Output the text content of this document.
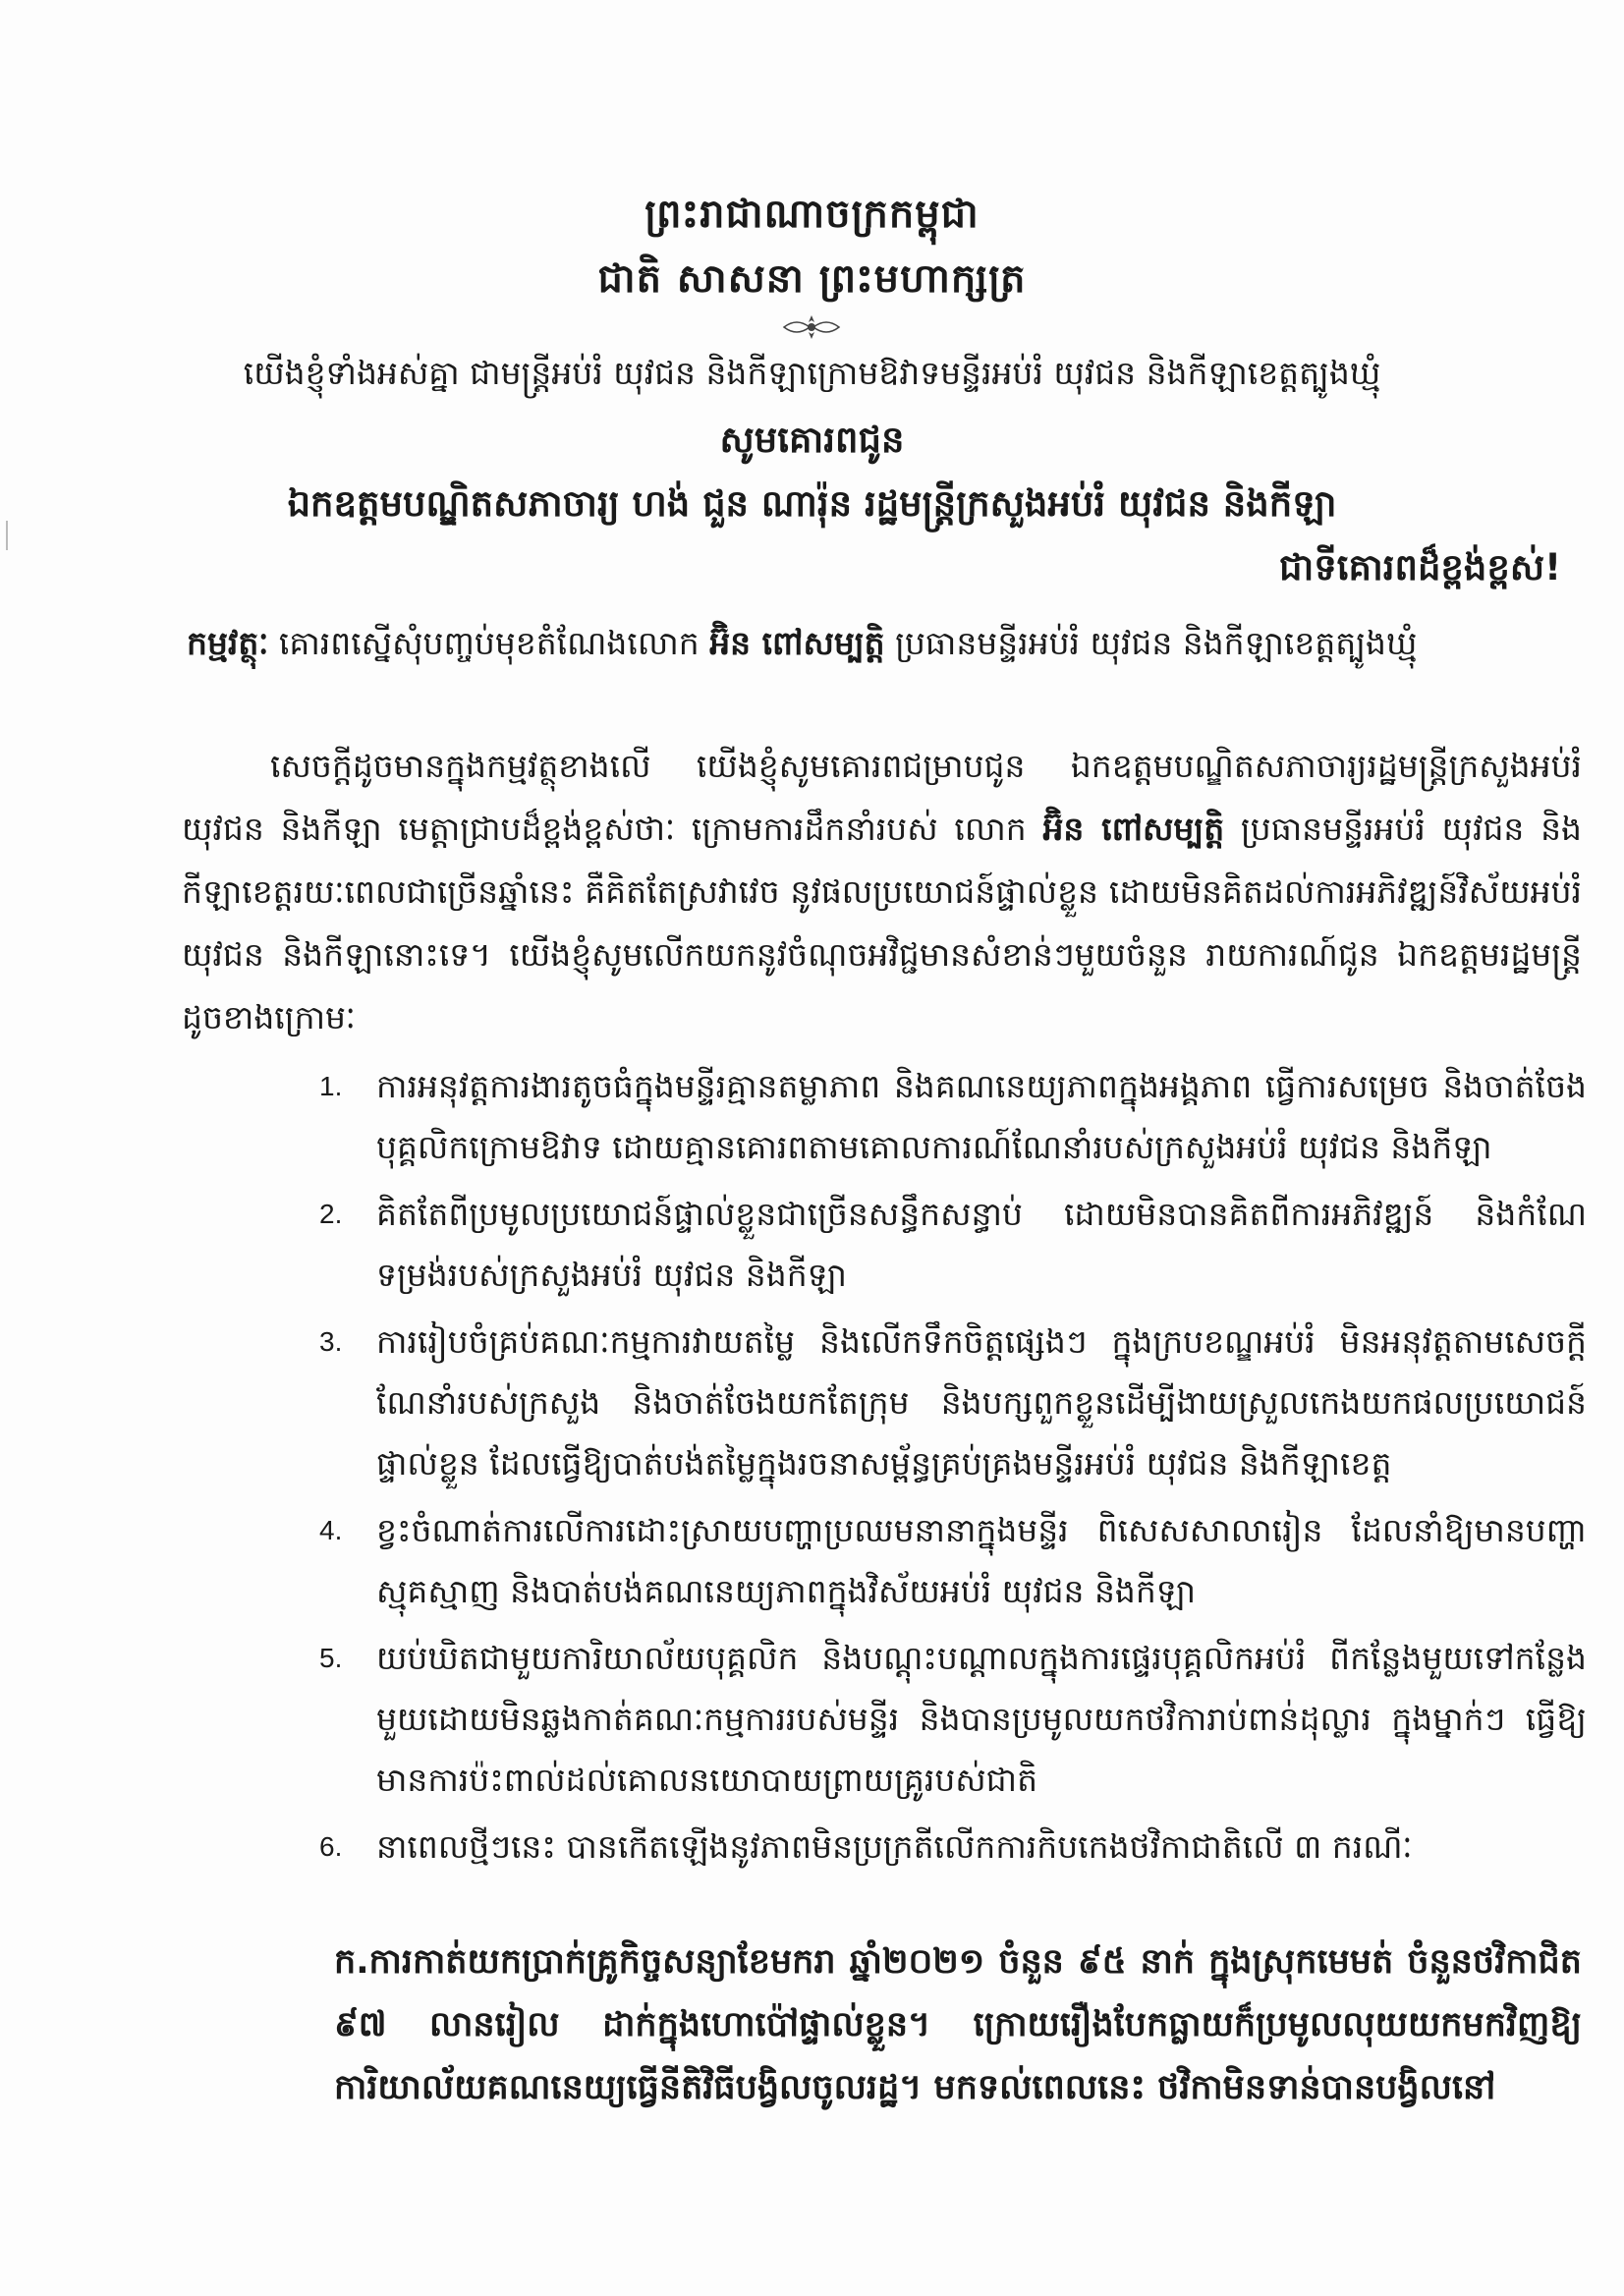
ព្រះរាជាណាចក្រកម្ពុជា
ជាតិ សាសនា ព្រះមហាក្សត្រ
យើងខ្ញុំទាំងអស់គ្នា ជាមន្ត្រីអប់រំ យុវជន និងកីឡាក្រោមឱវាទមន្ទីរអប់រំ យុវជន និងកីឡាខេត្តត្បូងឃ្មុំ
សូមគោរពជូន
ឯកឧត្តមបណ្ឌិតសភាចារ្យ ហង់ ជួន ណារ៉ុន រដ្ឋមន្ត្រីក្រសួងអប់រំ យុវជន និងកីឡា
ជាទីគោរពដ៏ខ្ពង់ខ្ពស់!
កម្មវត្ថុៈ គោរពស្នើសុំបញ្ចប់មុខតំណែងលោក អ៊ិន ពៅសម្បត្តិ ប្រធានមន្ទីរអប់រំ យុវជន និងកីឡាខេត្តត្បូងឃ្មុំ
សេចក្តីដូចមានក្នុងកម្មវត្ថុខាងលើ យើងខ្ញុំសូមគោរពជម្រាបជូន ឯកឧត្តមបណ្ឌិតសភាចារ្យរដ្ឋមន្ត្រីក្រសួងអប់រំ យុវជន និងកីឡា មេត្តាជ្រាបដ៏ខ្ពង់ខ្ពស់ថាៈ ក្រោមការដឹកនាំរបស់ លោក អ៊ិន ពៅសម្បត្តិ ប្រធានមន្ទីរអប់រំ យុវជន និងកីឡាខេត្តរយៈពេលជាច្រើនឆ្នាំនេះ គឺគិតតែស្រវាវេច នូវផលប្រយោជន៍ផ្ទាល់ខ្លួន ដោយមិនគិតដល់ការអភិវឌ្ឍន៍វិស័យអប់រំ យុវជន និងកីឡានោះទេ។ យើងខ្ញុំសូមលើកយកនូវចំណុចអវិជ្ជមានសំខាន់ៗមួយចំនួន រាយការណ៍ជូន ឯកឧត្តមរដ្ឋមន្ត្រីដូចខាងក្រោមៈ
1. ការអនុវត្តការងារតូចធំក្នុងមន្ទីរគ្មានតម្លាភាព និងគណនេយ្យភាពក្នុងអង្គភាព ធ្វើការសម្រេច និងចាត់ចែងបុគ្គលិកក្រោមឱវាទ ដោយគ្មានគោរពតាមគោលការណ៍ណែនាំរបស់ក្រសួងអប់រំ យុវជន និងកីឡា
2. គិតតែពីប្រមូលប្រយោជន៍ផ្ទាល់ខ្លួនជាច្រើនសន្ធឹកសន្ធាប់ ដោយមិនបានគិតពីការអភិវឌ្ឍន៍ និងកំណែទម្រង់របស់ក្រសួងអប់រំ យុវជន និងកីឡា
3. ការរៀបចំគ្រប់គណៈកម្មការវាយតម្លៃ និងលើកទឹកចិត្តផ្សេងៗ ក្នុងក្របខណ្ឌអប់រំ មិនអនុវត្តតាមសេចក្តីណែនាំរបស់ក្រសួង និងចាត់ចែងយកតែក្រុម និងបក្សពួកខ្លួនដើម្បីងាយស្រួលកេងយកផលប្រយោជន៍ផ្ទាល់ខ្លួន ដែលធ្វើឱ្យបាត់បង់តម្លៃក្នុងរចនាសម្ព័ន្ធគ្រប់គ្រងមន្ទីរអប់រំ យុវជន និងកីឡាខេត្ត
4. ខ្វះចំណាត់ការលើការដោះស្រាយបញ្ហាប្រឈមនានាក្នុងមន្ទីរ ពិសេសសាលារៀន ដែលនាំឱ្យមានបញ្ហាស្មុគស្មាញ និងបាត់បង់គណនេយ្យភាពក្នុងវិស័យអប់រំ យុវជន និងកីឡា
5. យប់ឃិតជាមួយការិយាល័យបុគ្គលិក និងបណ្តុះបណ្តាលក្នុងការផ្ទេរបុគ្គលិកអប់រំ ពីកន្លែងមួយទៅកន្លែងមួយដោយមិនឆ្លងកាត់គណៈកម្មការរបស់មន្ទីរ និងបានប្រមូលយកថវិការាប់ពាន់ដុល្លារ ក្នុងម្នាក់ៗ ធ្វើឱ្យមានការប៉ះពាល់ដល់គោលនយោបាយព្រាយគ្រូរបស់ជាតិ
6. នាពេលថ្មីៗនេះ បានកើតឡើងនូវភាពមិនប្រក្រតីលើកការកិបកេងថវិកាជាតិលើ ៣ ករណីៈ
ក.ការកាត់យកប្រាក់គ្រូកិច្ចសន្យាខែមករា ឆ្នាំ២០២១ ចំនួន ៩៥ នាក់ ក្នុងស្រុកមេមត់ ចំនួនថវិកាជិត ៩៧ លានរៀល ដាក់ក្នុងហោប៉ៅផ្ទាល់ខ្លួន។ ក្រោយរឿងបែកធ្លាយក៏ប្រមូលលុយយកមកវិញឱ្យការិយាល័យគណនេយ្យធ្វើនីតិវិធីបង្វិលចូលរដ្ឋ។ មកទល់ពេលនេះ ថវិកាមិនទាន់បានបង្វិលនៅ
